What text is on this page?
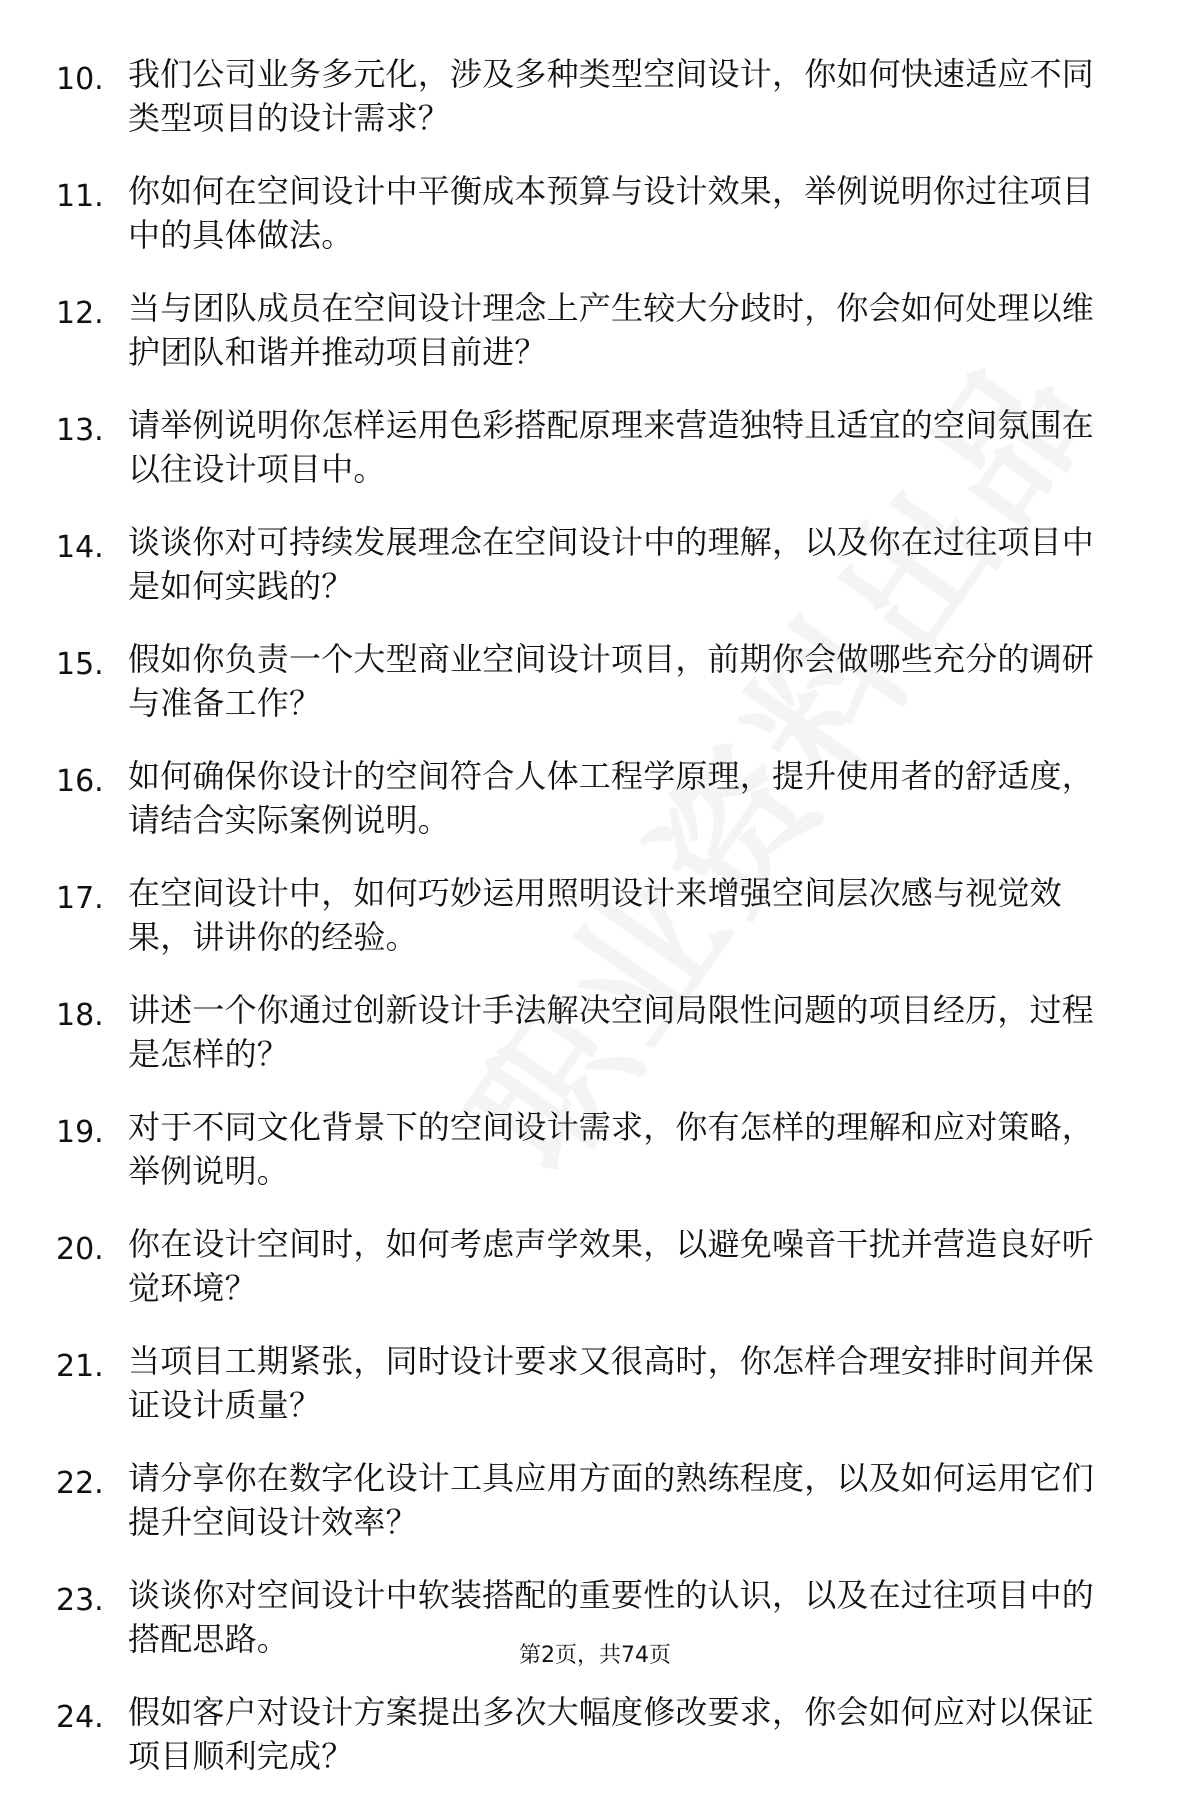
10. 我们公司业务多元化，涉及多种类型空间设计，你如何快速适应不同类型项目的设计需求？
11. 你如何在空间设计中平衡成本预算与设计效果，举例说明你过往项目中的具体做法。
12. 当与团队成员在空间设计理念上产生较大分歧时，你会如何处理以维护团队和谐并推动项目前进？
13. 请举例说明你怎样运用色彩搭配原理来营造独特且适宜的空间氛围在以往设计项目中。
14. 谈谈你对可持续发展理念在空间设计中的理解，以及你在过往项目中是如何实践的？
15. 假如你负责一个大型商业空间设计项目，前期你会做哪些充分的调研与准备工作？
16. 如何确保你设计的空间符合人体工程学原理，提升使用者的舒适度，请结合实际案例说明。
17. 在空间设计中，如何巧妙运用照明设计来增强空间层次感与视觉效果，讲讲你的经验。
18. 讲述一个你通过创新设计手法解决空间局限性问题的项目经历，过程是怎样的？
19. 对于不同文化背景下的空间设计需求，你有怎样的理解和应对策略，举例说明。
20. 你在设计空间时，如何考虑声学效果，以避免噪音干扰并营造良好听觉环境？
21. 当项目工期紧张，同时设计要求又很高时，你怎样合理安排时间并保证设计质量？
22. 请分享你在数字化设计工具应用方面的熟练程度，以及如何运用它们提升空间设计效率？
23. 谈谈你对空间设计中软装搭配的重要性的认识，以及在过往项目中的搭配思路。
24. 假如客户对设计方案提出多次大幅度修改要求，你会如何应对以保证项目顺利完成？
第2页，共74页
